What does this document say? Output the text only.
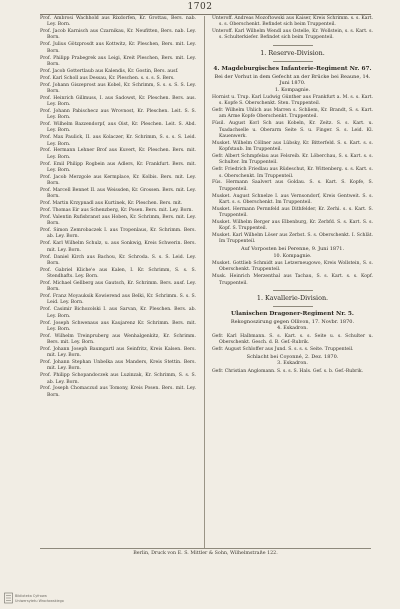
1702
Prof. Ambrosi Wachhold aus Rixdorfen, Kr. Grottau, Bers. nab. Ley. Born.
Prof. Jacob Karnisch aus Czarnikau, Kr. Neufitten, Bers. nab. Ley. Born.
Prof. Julius Götzprosdt aus Kottwitz, Kr. Pleschen, Bers. mit. Ley. Born.
Prof. Philipp Prabegrek aus Leigi, Kreit Pleschen, Bers. mit. Ley. Born.
Prof. Jacob Gottertlaub aus Kalendis, Kr. Gostin, Bers. ausf.
Prof. Karl Scholl aus Dessau, Kr. Pleschen. s. s. s. S. Bers.
Prof. Johann Giszeprost aus Kobel, Kr. Schrimm, S. s. s. S. S. Ley. Born.
Prof. Heinrich Gillmuss, I. aus Sadowst, Kr. Pleschen. Bers. aus. Ley. Born.
Prof. Johann Pabischecz aus Wrovnost, Kr. Pleschen. Leit. S. S. Ley. Born.
Prof. Wilhelm Bazzendorpf, aus Oist, Kr. Pleschen. Leit. S. Abd. Ley. Born.
Prof. Max Paulick, II. aus Kolaczer, Kr. Schrimm, S. s. s. S. Leid. Ley. Born.
Prof. Hermann Lehner Brof aus Kuvert, Kr. Pleschen. Bers. mit. Ley. Born.
Prof. Emil Philipp Rogbein aus Adlers, Kr. Frankfurt. Bers. mit. Ley. Born.
Prof. Jacob Merzgole aus Kermplace, Kr. Kolbis. Bers. mit. Ley. Born.
Prof. Marcell Bennet II. aus Weissden, Kr. Grossen. Bers. mit. Ley. Born.
Prof. Martin Krzypnadl aus Kurtinek, Kr. Pleschen. Bers. mit.
Prof. Thomas Eir aus Schenzberg, Kr. Posen. Bers. mit. Ley. Born.
Prof. Valentin Rufisbranst aus Hoben, Kr. Schrimm, Bers. mit. Ley. Born.
Prof. Simon Zemrobaczek I. aus Tropenlaus, Kr. Schrimm. Bers. ab. Ley. Born.
Prof. Karl Wilhelm Schulz, u. aus Sonkwig, Kreis Schwerin. Bers. mit. Ley. Born.
Prof. Daniel Kirch aus Bachou, Kr. Schroda. S. s. S. Leid. Ley. Born.
Prof. Gabriel Kliche'e aus Kalen, I. Kr. Schrimm, S. s. S. Stendhafts. Ley. Born.
Prof. Michael Gellberg aus Gautsch, Kr. Schrimm. Bers. ausf. Ley. Born.
Prof. Franz Moyauksik Kowierend aus Belki, Kr. Schrimm. S. s. S. Leid. Ley. Born.
Prof. Casimir Bichozolski I. aus Sarvan, Kr. Pleschen. Bers. ab. Ley. Born.
Prof. Joseph Schwenaus aus Kaujarenz Kr. Schrimm. Bers. mit. Ley. Born.
Prof. Wilhelm Treinpruberg aus Wenhalgenkitz, Kr. Schrimm. Bers. mit. Ley. Born.
Prof. Johann Joseph Baumgartl aus Seinfritz, Kreis Kalsen. Bers. mit. Ley. Born.
Prof. Johann Stephan Unbelka aus Manders, Kreis Stettin. Bers. mit. Ley. Born.
Prof. Philipp Schopandoczek aus Luzinzak, Kr. Schrimm, S. s. S. ab. Ley. Born.
Prof. Joseph Chomaczud aus Tomony, Kreis Posen. Bers. mit. Ley. Born.
Unteroff. Andreas Mozoftowski aus Kaiser, Kreis Schrimm. s. s. Kart. s. s. Oberschenkt. Befindet sich beim Truppenteil.
Unteroff. Karl Wilhelm Wendl aus Ostelle, Kr. Wollstein, s. s. Kart. s. s. Schulterkiefer. Befindet sich beim Truppenteil.
1. Reserve-Division.
4. Magdeburgisches Infanterie-Regiment Nr. 67.
Bei der Vorhut in dem Gefecht an der Brücke bei Beaune, 14. Juni 1870.
1. Kompagnie.
Hornist u. Trup. Karl Ludwig Günther aus Frankfurt a. M. s. s. Kart. s. Kopfe S. Oberschenkt. Sten. Truppenteil.
Gefr. Wilhelm Uhlich aus Marren s. Schliem, Kr. Brandt, S. s. Kart. am Arme Kopfe Oberschenkt. Truppenteil.
Füsil. August Korl Sch aus Kobeln, Kr. Zeitz. S. s. Kart. u. Tsadachselle u. Oberarm Seite S. u. Finger. S. s. Leid. Kl. Kauenwerk.
Musket. Wilhelm Cöllner aus Lübsky, Kr. Bitterfeld. S. s. Kart. s. s. Kopfstaub. Im Truppenteil.
Gefr. Albert Schmpfelau aus Felsreib. Kr. Löberchau, S. s. Kart. s. s. Schulter. Im Truppenteil.
Gefr. Friedrich Friedlau aus Rüdeschut, Kr. Wittenberg. s. s. Kart. s. s. Oberschenkt. Im Truppenteil.
Füs. Hermann Saalvert aus Goldau. S. s. Kart. S. Kopfe, S. Truppenteil.
Musket. August Schnelze I. aus Vernsondorf, Kreis Gentweit. S. s. Kart. s. s. Oberschenkt. Im Truppenteil.
Musket. Hermann Pernnfeld aus Dithfelder, Kr. Zerhi. s. s. Kart. S. Truppenteil.
Musket. Wilhelm Berger aus Elbenburg, Kr. Zerbfd. S. s. Kart. S. s. Kopf. S. Truppenteil.
Musket. Karl Wilhelm Löser aus Zerbst. S. s. Oberschenkt. I. Schlät. Im Truppenteil.
Auf Vorposten bei Perenne, 9. Juni 1871.
10. Kompagnie.
Musket. Gottlieb Schmidt aus Letzerneugowo, Kreis Wollstein, S. s. Oberschenkt. Truppenteil.
Musk. Heinrich Merzenthal aus Tachau, S. s. Kart. s. s. Kopf. Truppenteil.
1. Kavallerie-Division.
Ulanischen Dragoner-Regiment Nr. 5.
Rekognoszirung gegen Ollivon, 17. Novbr. 1870.
4. Eskadron.
Gefr. Karl Halbmann. S. s. Kart. s. s. Seite u. s. Schulter u. Oberschenkt. Gesch. d. B. Gef.-Rubrik.
Gefr. August Schloffer aus Jund. S. s. s. s. Seite. Truppenteil.
Schlacht bei Coyonné, 2. Dez. 1870.
3. Eskadron.
Gefr. Christian Anglomann. S. s. s. S. Hals. Gef. s. b. Gef.-Rubrik.
Berlin, Druck von E. S. Mittler & Sohn, Wilhelmstraße 122.
Biblioteka Cyfrowa
Uniwersytetu Wrocławskiego
